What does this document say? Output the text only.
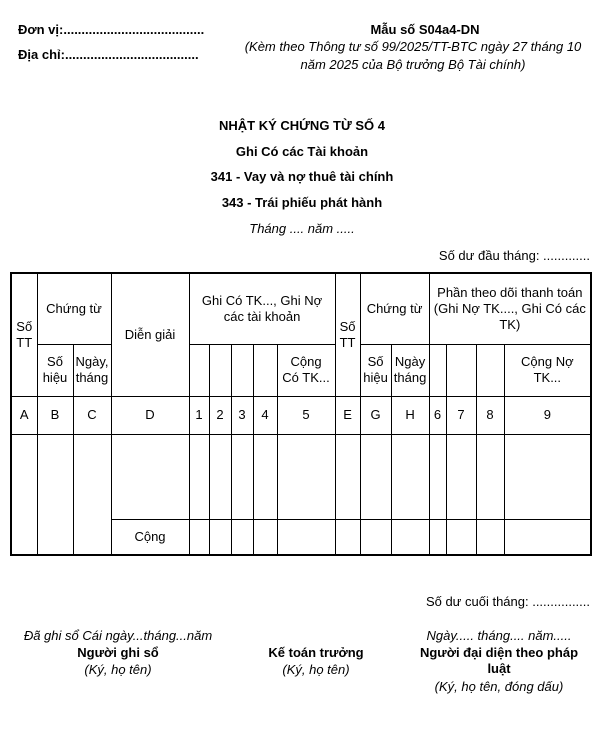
Đơn vị:.......................................
Địa chỉ:.....................................
Mẫu số S04a4-DN
(Kèm theo Thông tư số 99/2025/TT-BTC ngày 27 tháng 10
năm 2025 của Bộ trưởng Bộ Tài chính)
NHẬT KÝ CHỨNG TỪ SỐ 4
Ghi Có các Tài khoản
341 - Vay và nợ thuê tài chính
343 - Trái phiếu phát hành
Tháng .... năm .....
Số dư đầu tháng: .............
Số TT	Chứng từ		Diễn giải	Ghi Có TK..., Ghi Nợ các tài khoản					Số TT	Chứng từ		Phần theo dõi thanh toán (Ghi Nợ TK...., Ghi Có các TK)			
	Số hiệu	Ngày, tháng						Cộng Có TK...		Số hiệu	Ngày tháng				Cộng Nợ TK...
A	B	C	D	1	2	3	4	5	E	G	H	6	7	8	9

			Cộng												
Số dư cuối tháng: ................
Đã ghi sổ Cái ngày...tháng...năm
Người ghi sổ
(Ký, họ tên)
Kế toán trưởng
(Ký, họ tên)
Ngày..... tháng.... năm.....
Người đại diện theo pháp
luật
(Ký, họ tên, đóng dấu)
